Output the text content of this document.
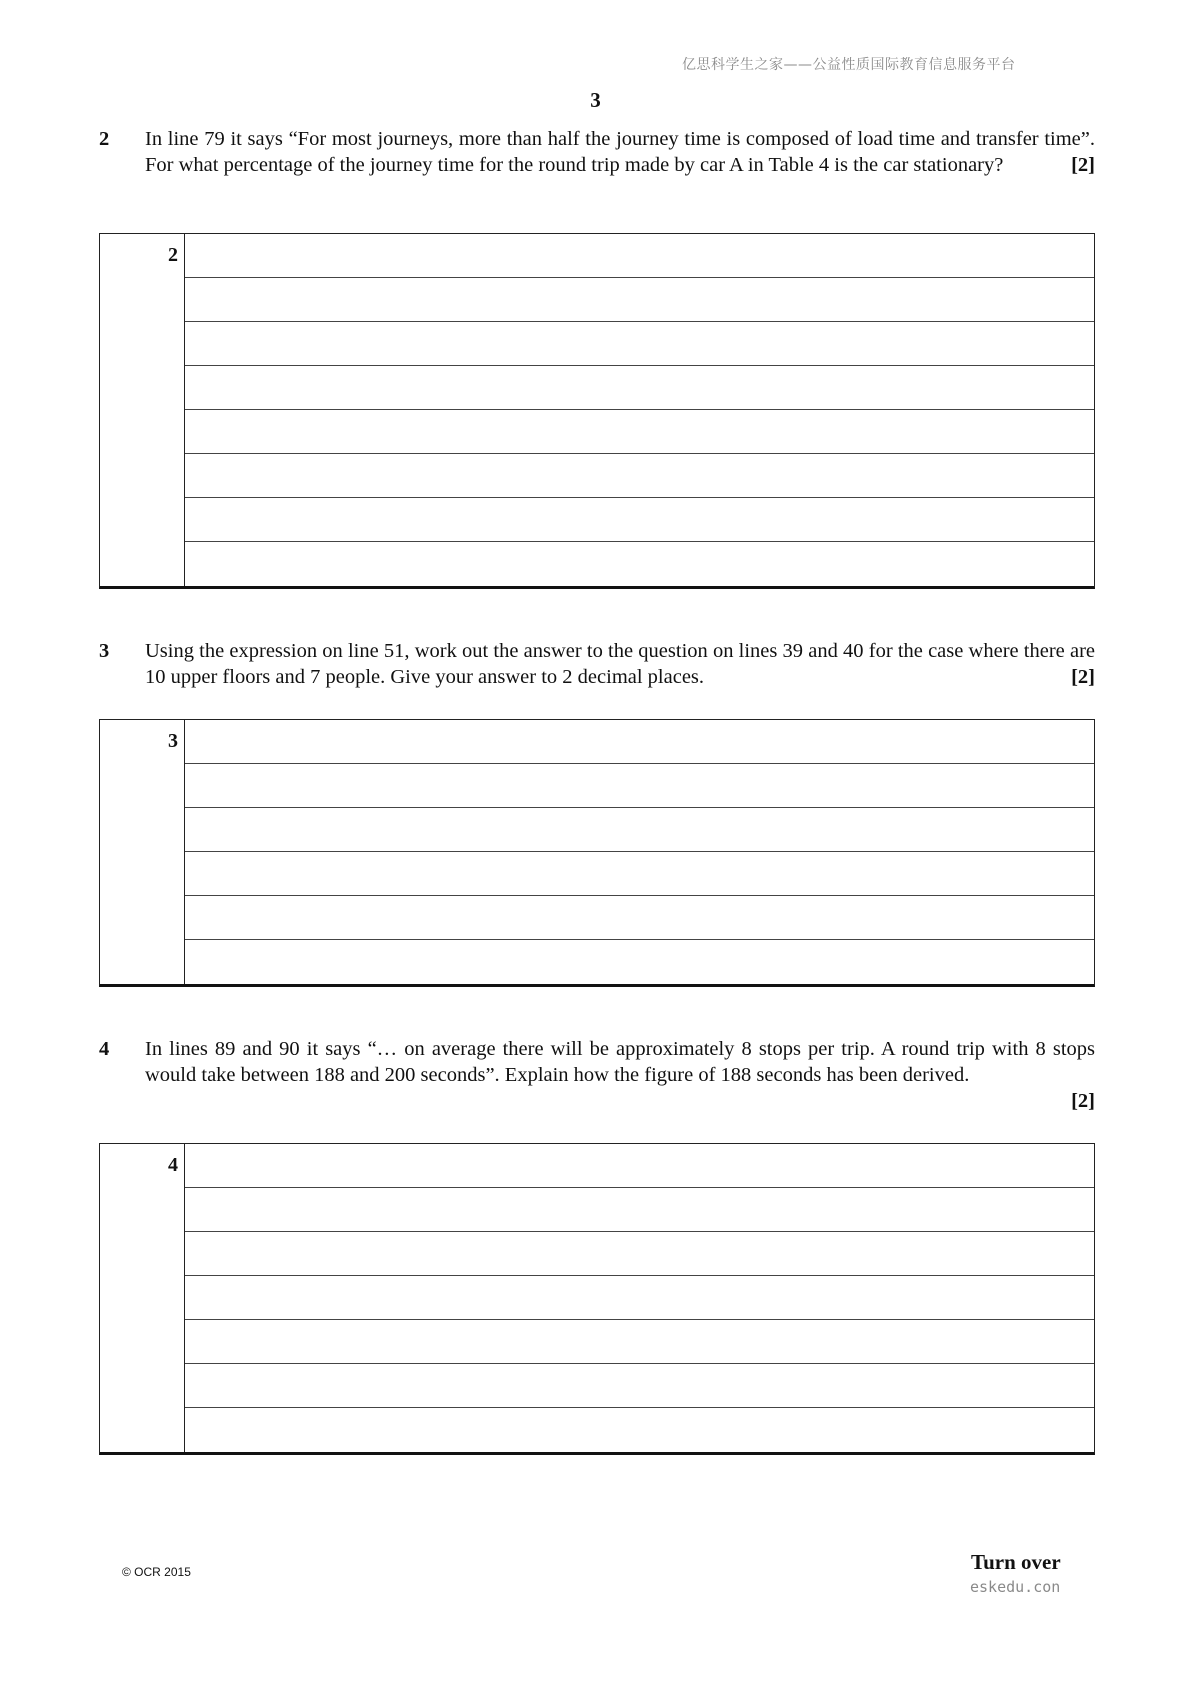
亿思科学生之家——公益性质国际教育信息服务平台
3
2 In line 79 it says “For most journeys, more than half the journey time is composed of load time and transfer time”. For what percentage of the journey time for the round trip made by car A in Table 4 is the car stationary?	[2]
2
3 Using the expression on line 51, work out the answer to the question on lines 39 and 40 for the case where there are 10 upper floors and 7 people. Give your answer to 2 decimal places.	[2]
3
4 In lines 89 and 90 it says “… on average there will be approximately 8 stops per trip. A round trip with 8 stops would take between 188 and 200 seconds”. Explain how the figure of 188 seconds has been derived.
[2]
4
© OCR 2015	Turn over
eskedu.con
